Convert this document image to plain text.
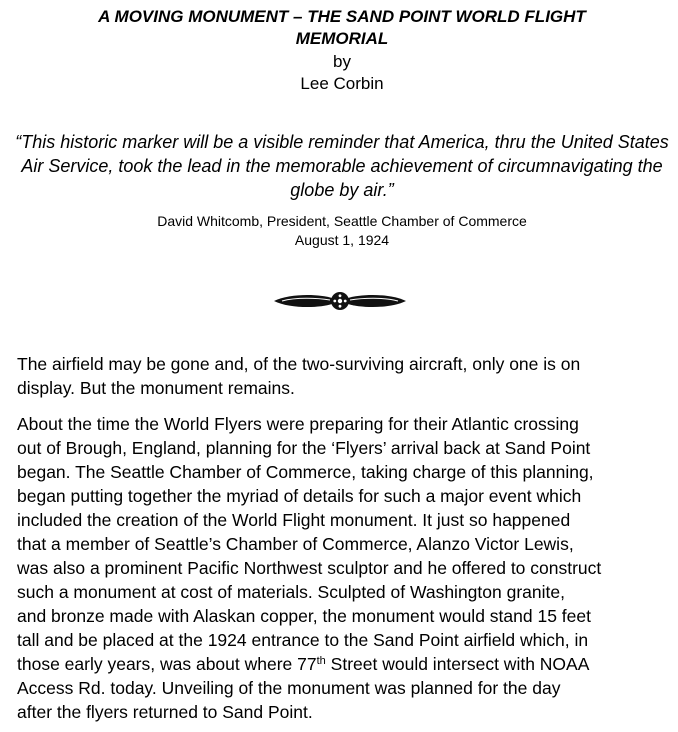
A MOVING MONUMENT – THE SAND POINT WORLD FLIGHT
MEMORIAL
by
Lee Corbin
“This historic marker will be a visible reminder that America, thru the United States Air Service, took the lead in the memorable achievement of circumnavigating the globe by air.”
David Whitcomb, President, Seattle Chamber of Commerce
August 1, 1924
The airfield may be gone and, of the two-surviving aircraft, only one is on
display. But the monument remains.
About the time the World Flyers were preparing for their Atlantic crossing
out of Brough, England, planning for the ‘Flyers’ arrival back at Sand Point
began. The Seattle Chamber of Commerce, taking charge of this planning,
began putting together the myriad of details for such a major event which
included the creation of the World Flight monument. It just so happened
that a member of Seattle’s Chamber of Commerce, Alanzo Victor Lewis,
was also a prominent Pacific Northwest sculptor and he offered to construct
such a monument at cost of materials. Sculpted of Washington granite,
and bronze made with Alaskan copper, the monument would stand 15 feet
tall and be placed at the 1924 entrance to the Sand Point airfield which, in
those early years, was about where 77th Street would intersect with NOAA
Access Rd. today. Unveiling of the monument was planned for the day
after the flyers returned to Sand Point.
